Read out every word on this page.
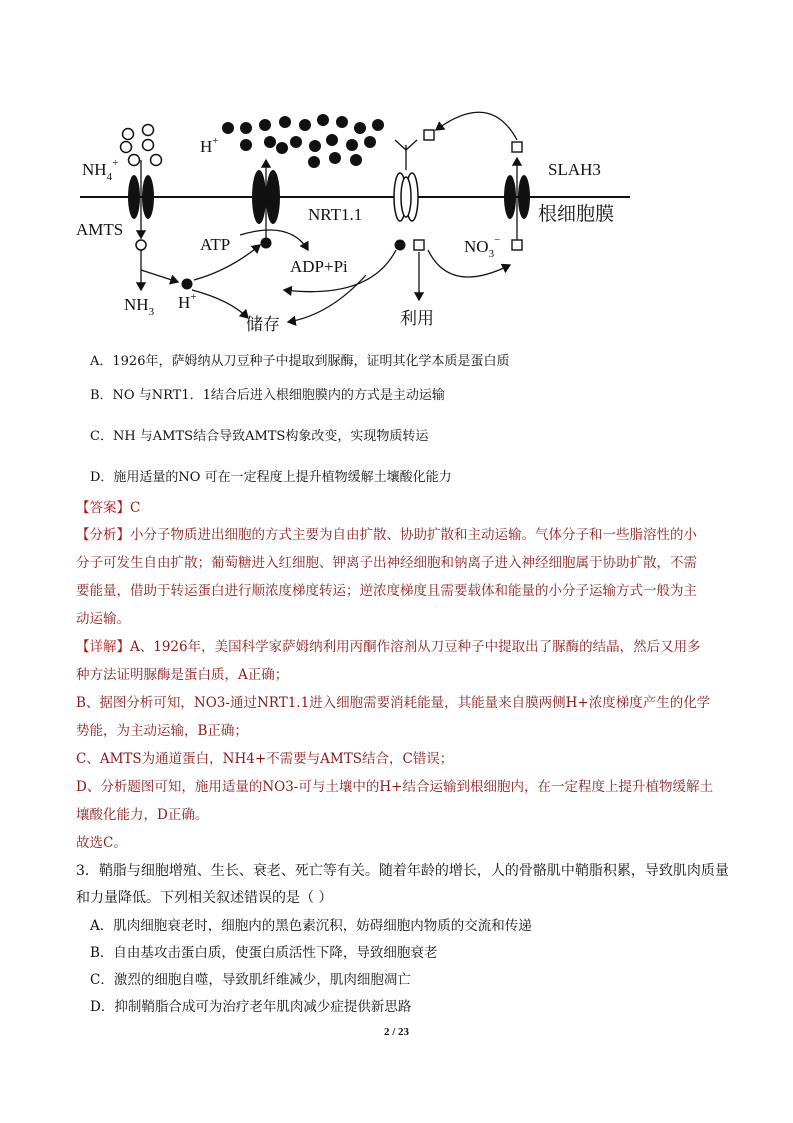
$NH_4^+$
AMTS
$NH_3$ H+
储存
H+
ATP
ADP+Pi
NRT1.1
利用
SLAH3
根细胞膜
$NO_3^-$
A．1926年，萨姆纳从刀豆种子中提取到脲酶，证明其化学本质是蛋白质
B．NO 与NRT1．1结合后进入根细胞膜内的方式是主动运输
C．NH 与AMTS结合导致AMTS构象改变，实现物质转运
D．施用适量的NO 可在一定程度上提升植物缓解土壤酸化能力
【答案】C
【分析】小分子物质进出细胞的方式主要为自由扩散、协助扩散和主动运输。气体分子和一些脂溶性的小
分子可发生自由扩散；葡萄糖进入红细胞、钾离子出神经细胞和钠离子进入神经细胞属于协助扩散，不需
要能量，借助于转运蛋白进行顺浓度梯度转运；逆浓度梯度且需要载体和能量的小分子运输方式一般为主
动运输。
【详解】A、1926年，美国科学家萨姆纳利用丙酮作溶剂从刀豆种子中提取出了脲酶的结晶，然后又用多
种方法证明脲酶是蛋白质，A正确；
B、据图分析可知，NO3-通过NRT1.1进入细胞需要消耗能量，其能量来自膜两侧H+浓度梯度产生的化学
势能，为主动运输，B正确；
C、AMTS为通道蛋白，NH4+不需要与AMTS结合，C错误；
D、分析题图可知，施用适量的NO3-可与土壤中的H+结合运输到根细胞内，在一定程度上提升植物缓解土
壤酸化能力，D正确。
故选C。
3．鞘脂与细胞增殖、生长、衰老、死亡等有关。随着年龄的增长，人的骨骼肌中鞘脂积累，导致肌肉质量
和力量降低。下列相关叙述错误的是（ ）
A．肌肉细胞衰老时，细胞内的黑色素沉积，妨碍细胞内物质的交流和传递
B．自由基攻击蛋白质，使蛋白质活性下降，导致细胞衰老
C．激烈的细胞自噬，导致肌纤维减少，肌肉细胞凋亡
D．抑制鞘脂合成可为治疗老年肌肉减少症提供新思路
2 / 23
